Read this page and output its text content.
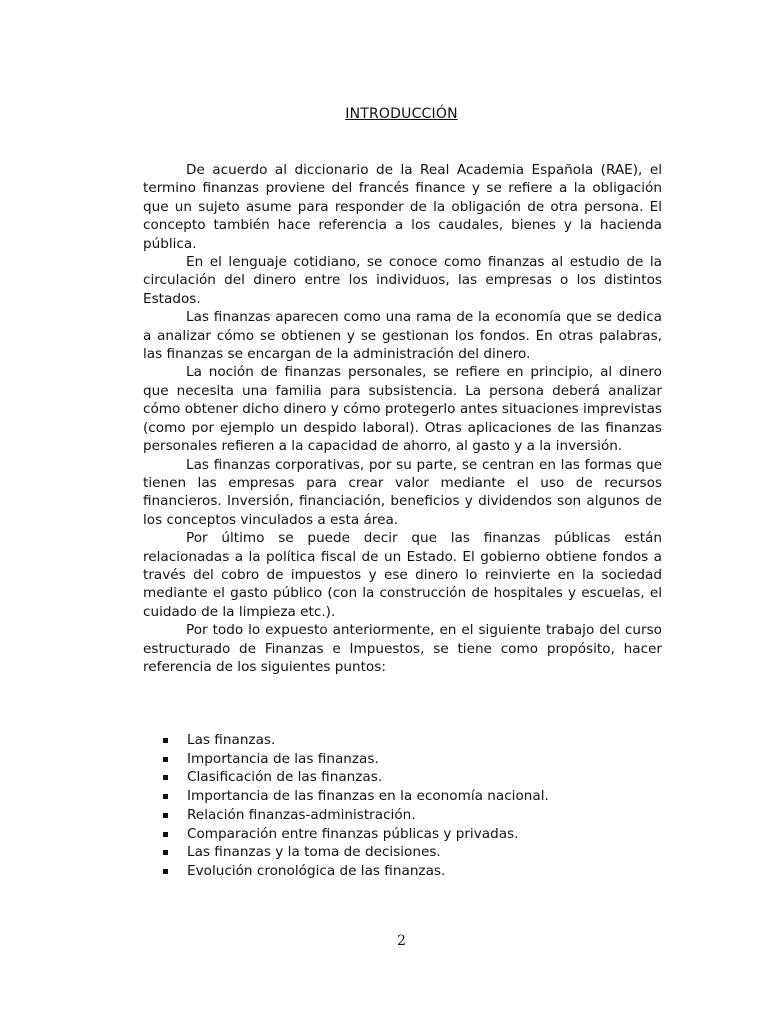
INTRODUCCIÓN

De acuerdo al diccionario de la Real Academia Española (RAE), el termino finanzas proviene del francés finance y se refiere a la obligación que un sujeto asume para responder de la obligación de otra persona. El concepto también hace referencia a los caudales, bienes y la hacienda pública.

En el lenguaje cotidiano, se conoce como finanzas al estudio de la circulación del dinero entre los individuos, las empresas o los distintos Estados.

Las finanzas aparecen como una rama de la economía que se dedica a analizar cómo se obtienen y se gestionan los fondos. En otras palabras, las finanzas se encargan de la administración del dinero.

La noción de finanzas personales, se refiere en principio, al dinero que necesita una familia para subsistencia. La persona deberá analizar cómo obtener dicho dinero y cómo protegerlo antes situaciones imprevistas (como por ejemplo un despido laboral). Otras aplicaciones de las finanzas personales refieren a la capacidad de ahorro, al gasto y a la inversión.

Las finanzas corporativas, por su parte, se centran en las formas que tienen las empresas para crear valor mediante el uso de recursos financieros. Inversión, financiación, beneficios y dividendos son algunos de los conceptos vinculados a esta área.

Por último se puede decir que las finanzas públicas están relacionadas a la política fiscal de un Estado. El gobierno obtiene fondos a través del cobro de impuestos y ese dinero lo reinvierte en la sociedad mediante el gasto público (con la construcción de hospitales y escuelas, el cuidado de la limpieza etc.).

Por todo lo expuesto anteriormente, en el siguiente trabajo del curso estructurado de Finanzas e Impuestos, se tiene como propósito, hacer referencia de los siguientes puntos:

Las finanzas.
Importancia de las finanzas.
Clasificación de las finanzas.
Importancia de las finanzas en la economía nacional.
Relación finanzas-administración.
Comparación entre finanzas públicas y privadas.
Las finanzas y la toma de decisiones.
Evolución cronológica de las finanzas.
2
